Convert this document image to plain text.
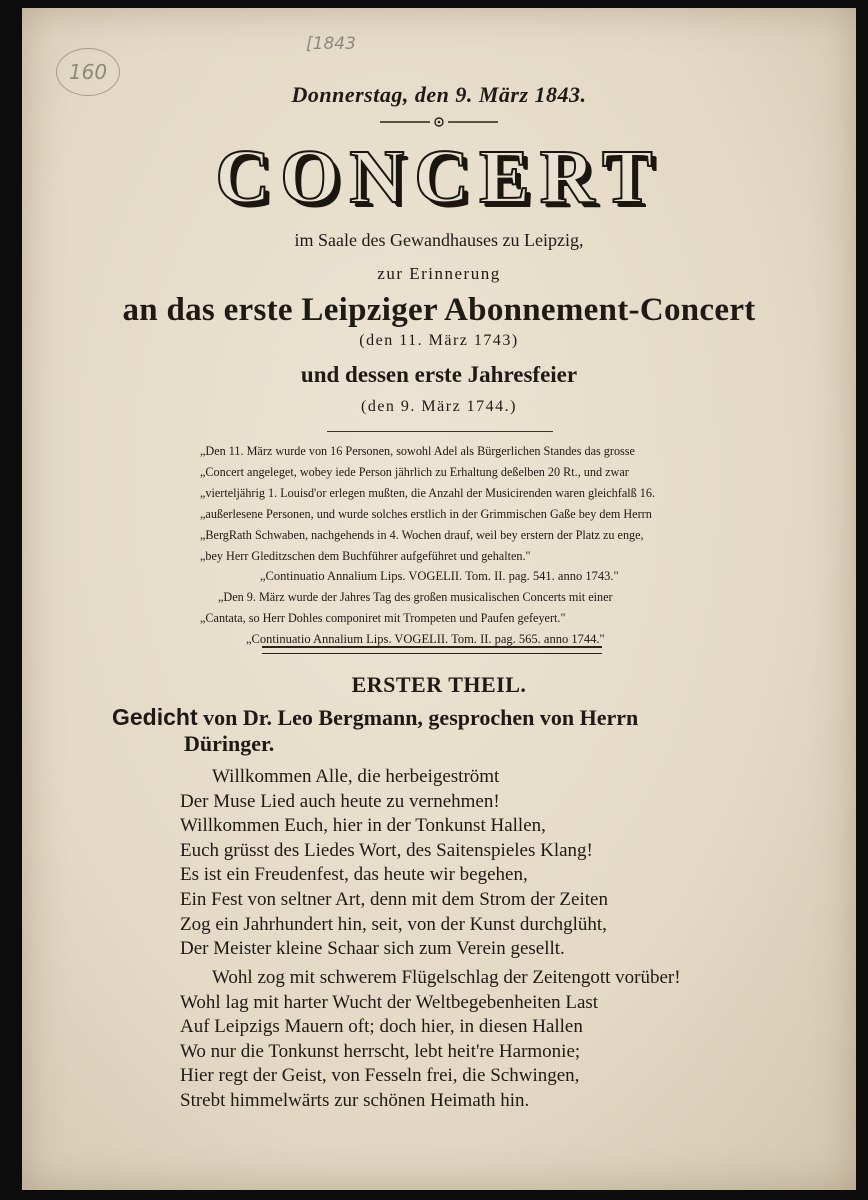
160
[1843
Donnerstag, den 9. März 1843.
CONCERT
im Saale des Gewandhauses zu Leipzig,
zur Erinnerung
an das erste Leipziger Abonnement-Concert
(den 11. März 1743)
und dessen erste Jahresfeier
(den 9. März 1744.)
„Den 11. März wurde von 16 Personen, sowohl Adel als Bürgerlichen Standes das grosse
„Concert angeleget, wobey iede Person jährlich zu Erhaltung deßelben 20 Rt., und zwar
„vierteljährig 1. Louisd'or erlegen mußten, die Anzahl der Musicirenden waren gleichfalß 16.
„außerlesene Personen, und wurde solches erstlich in der Grimmischen Gaße bey dem Herrn
„BergRath Schwaben, nachgehends in 4. Wochen drauf, weil bey erstern der Platz zu enge,
„bey Herr Gleditzschen dem Buchführer aufgeführet und gehalten."
„Continuatio Annalium Lips. VOGELII. Tom. II. pag. 541. anno 1743."
„Den 9. März wurde der Jahres Tag des großen musicalischen Concerts mit einer
„Cantata, so Herr Dohles componiret mit Trompeten und Paufen gefeyert."
„Continuatio Annalium Lips. VOGELII. Tom. II. pag. 565. anno 1744."
ERSTER THEIL.
Gedicht von Dr. Leo Bergmann, gesprochen von Herrn
Düringer.
Willkommen Alle, die herbeigeströmt
Der Muse Lied auch heute zu vernehmen!
Willkommen Euch, hier in der Tonkunst Hallen,
Euch grüsst des Liedes Wort, des Saitenspieles Klang!
Es ist ein Freudenfest, das heute wir begehen,
Ein Fest von seltner Art, denn mit dem Strom der Zeiten
Zog ein Jahrhundert hin, seit, von der Kunst durchglüht,
Der Meister kleine Schaar sich zum Verein gesellt.
Wohl zog mit schwerem Flügelschlag der Zeitengott vorüber!
Wohl lag mit harter Wucht der Weltbegebenheiten Last
Auf Leipzigs Mauern oft; doch hier, in diesen Hallen
Wo nur die Tonkunst herrscht, lebt heit're Harmonie;
Hier regt der Geist, von Fesseln frei, die Schwingen,
Strebt himmelwärts zur schönen Heimath hin.
